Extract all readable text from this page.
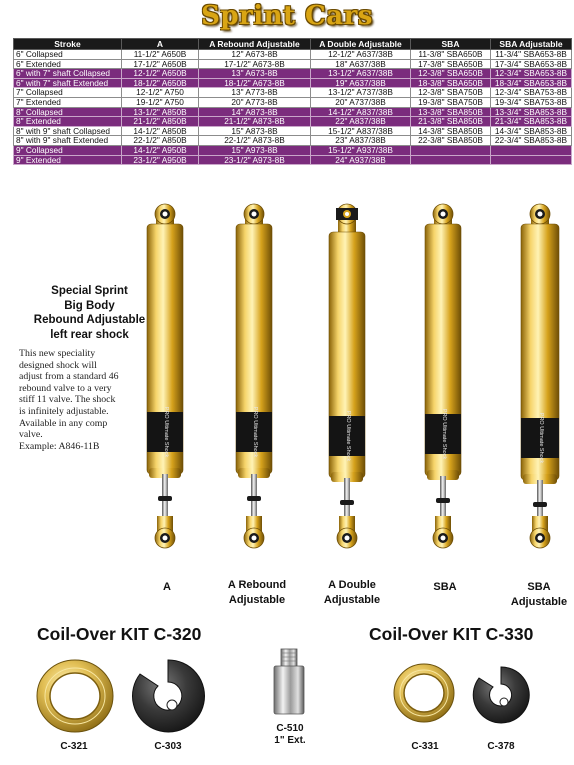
Sprint Cars
Stroke	A	A Rebound Adjustable	A Double Adjustable	SBA	SBA Adjustable
6" Collapsed	11-1/2" A650B	12" A673-8B	12-1/2" A637/38B	11-3/8" SBA650B	11-3/4" SBA653-8B
6" Extended	17-1/2" A650B	17-1/2" A673-8B	18" A637/38B	17-3/8" SBA650B	17-3/4" SBA653-8B
6" with 7" shaft Collapsed	12-1/2" A650B	13" A673-8B	13-1/2" A637/38B	12-3/8" SBA650B	12-3/4" SBA653-8B
6" with 7" shaft Extended	18-1/2" A650B	18-1/2" A673-8B	19" A637/38B	18-3/8" SBA650B	18-3/4" SBA653-8B
7" Collapsed	12-1/2" A750	13" A773-8B	13-1/2" A737/38B	12-3/8" SBA750B	12-3/4" SBA753-8B
7" Extended	19-1/2" A750	20" A773-8B	20" A737/38B	19-3/8" SBA750B	19-3/4" SBA753-8B
8" Collapsed	13-1/2" A850B	14" A873-8B	14-1/2" A837/38B	13-3/8" SBA850B	13-3/4" SBA853-8B
8" Extended	21-1/2" A850B	21-1/2" A873-8B	22" A837/38B	21-3/8" SBA850B	21-3/4" SBA853-8B
8" with 9" shaft Collapsed	14-1/2" A850B	15" A873-8B	15-1/2" A837/38B	14-3/8" SBA850B	14-3/4" SBA853-8B
8" with 9" shaft Extended	22-1/2" A850B	22-1/2" A873-8B	23" A837/38B	22-3/8" SBA850B	22-3/4" SBA853-8B
9" Collapsed	14-1/2" A950B	15" A973-8B	15-1/2" A937/38B		
9" Extended	23-1/2" A950B	23-1/2" A973-8B	24" A937/38B		
Special Sprint
Big Body
Rebound Adjustable
left rear shock
This new speciality
designed shock will
adjust from a standard 46
rebound valve to a very
stiff 11 valve. The shock
is infinitely adjustable.
Available in any comp
valve.
Example: A846-11B	PRO Ultimate Shock	PRO Ultimate Shock	PRO Ultimate Shock	PRO Ultimate Shock	PRO Ultimate Shock
A	A Rebound
Adjustable
A Double
Adjustable
SBA	SBA
Adjustable
Coil-Over KIT C-320	Coil-Over KIT C-330
C-321	C-303
C-510
1" Ext.
C-331	C-378
